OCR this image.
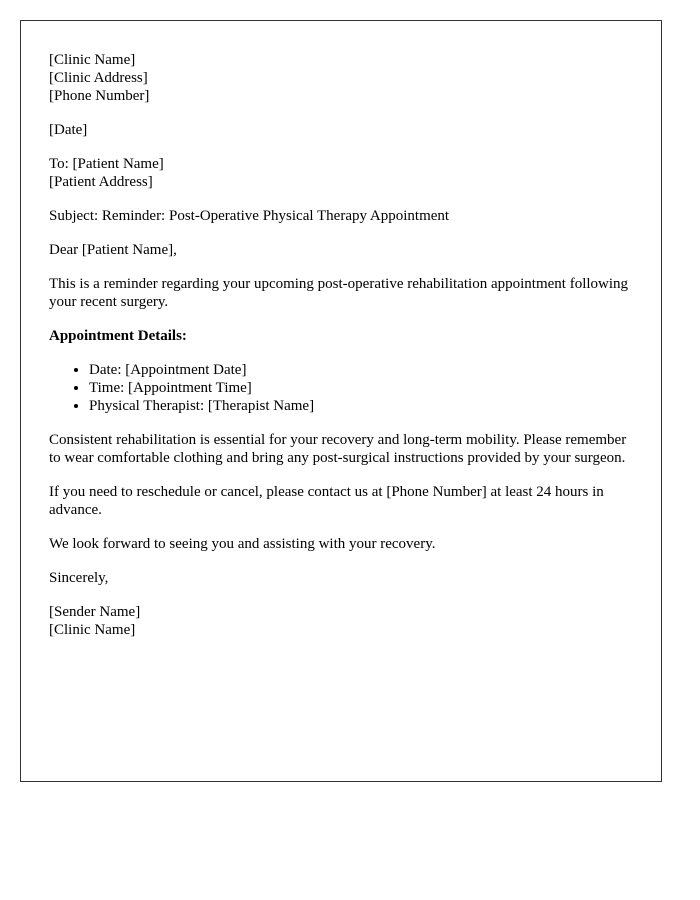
[Clinic Name]
[Clinic Address]
[Phone Number]

[Date]

To: [Patient Name]
[Patient Address]

Subject: Reminder: Post-Operative Physical Therapy Appointment

Dear [Patient Name],

This is a reminder regarding your upcoming post-operative rehabilitation appointment following your recent surgery.

Appointment Details:

• Date: [Appointment Date]
• Time: [Appointment Time]
• Physical Therapist: [Therapist Name]

Consistent rehabilitation is essential for your recovery and long-term mobility. Please remember to wear comfortable clothing and bring any post-surgical instructions provided by your surgeon.

If you need to reschedule or cancel, please contact us at [Phone Number] at least 24 hours in advance.

We look forward to seeing you and assisting with your recovery.

Sincerely,

[Sender Name]
[Clinic Name]
